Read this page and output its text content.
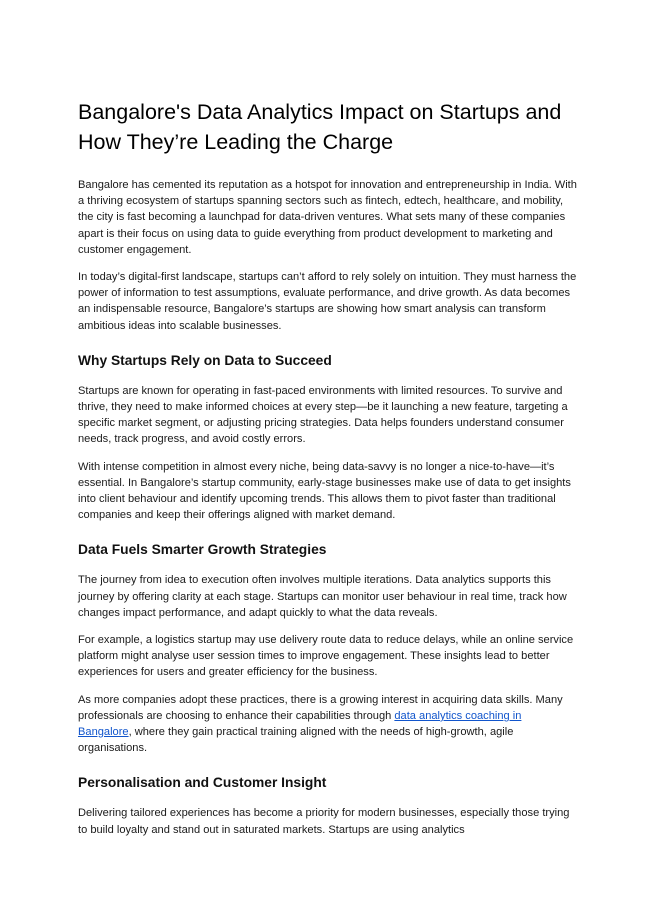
Bangalore's Data Analytics Impact on Startups and How They’re Leading the Charge

Bangalore has cemented its reputation as a hotspot for innovation and entrepreneurship in India. With a thriving ecosystem of startups spanning sectors such as fintech, edtech, healthcare, and mobility, the city is fast becoming a launchpad for data-driven ventures. What sets many of these companies apart is their focus on using data to guide everything from product development to marketing and customer engagement.

In today’s digital-first landscape, startups can’t afford to rely solely on intuition. They must harness the power of information to test assumptions, evaluate performance, and drive growth. As data becomes an indispensable resource, Bangalore’s startups are showing how smart analysis can transform ambitious ideas into scalable businesses.

Why Startups Rely on Data to Succeed

Startups are known for operating in fast-paced environments with limited resources. To survive and thrive, they need to make informed choices at every step—be it launching a new feature, targeting a specific market segment, or adjusting pricing strategies. Data helps founders understand consumer needs, track progress, and avoid costly errors.

With intense competition in almost every niche, being data-savvy is no longer a nice-to-have—it’s essential. In Bangalore’s startup community, early-stage businesses make use of data to get insights into client behaviour and identify upcoming trends. This allows them to pivot faster than traditional companies and keep their offerings aligned with market demand.

Data Fuels Smarter Growth Strategies

The journey from idea to execution often involves multiple iterations. Data analytics supports this journey by offering clarity at each stage. Startups can monitor user behaviour in real time, track how changes impact performance, and adapt quickly to what the data reveals.

For example, a logistics startup may use delivery route data to reduce delays, while an online service platform might analyse user session times to improve engagement. These insights lead to better experiences for users and greater efficiency for the business.

As more companies adopt these practices, there is a growing interest in acquiring data skills. Many professionals are choosing to enhance their capabilities through data analytics coaching in Bangalore, where they gain practical training aligned with the needs of high-growth, agile organisations.

Personalisation and Customer Insight

Delivering tailored experiences has become a priority for modern businesses, especially those trying to build loyalty and stand out in saturated markets. Startups are using analytics
